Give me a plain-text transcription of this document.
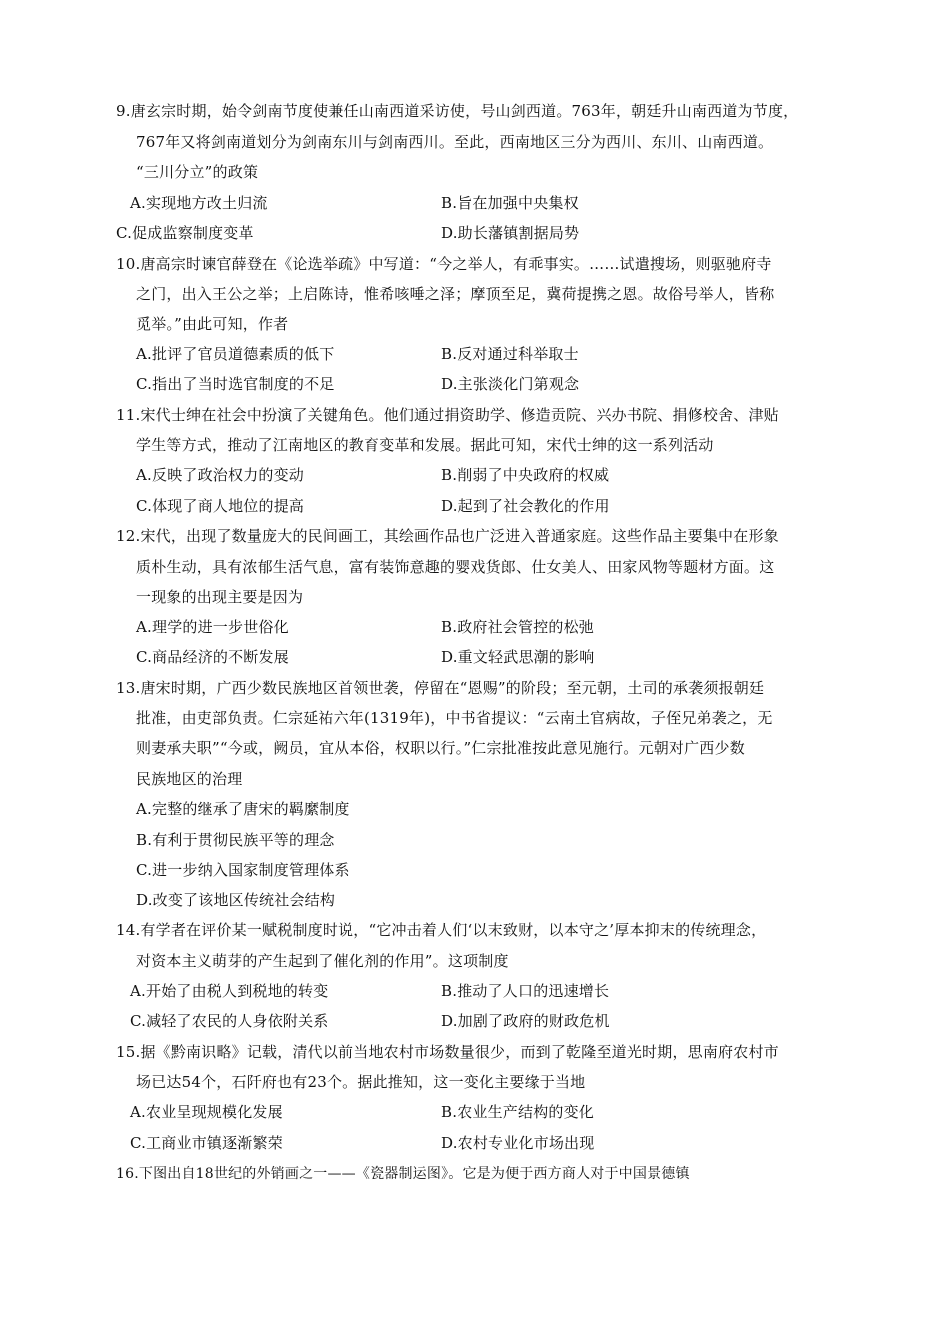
9.唐玄宗时期，始令剑南节度使兼任山南西道采访使，号山剑西道。763年，朝廷升山南西道为节度，
767年又将剑南道划分为剑南东川与剑南西川。至此，西南地区三分为西川、东川、山南西道。
“三川分立”的政策
A.实现地方改土归流	B.旨在加强中央集权
C.促成监察制度变革	D.助长藩镇割据局势
10.唐高宗时谏官薛登在《论选举疏》中写道：“今之举人，有乖事实。……试遣搜场，则驱驰府寺
之门，出入王公之举；上启陈诗，惟希咳唾之泽；摩顶至足，冀荷提携之恩。故俗号举人，皆称
觅举。”由此可知，作者
A.批评了官员道德素质的低下	B.反对通过科举取士
C.指出了当时选官制度的不足	D.主张淡化门第观念
11.宋代士绅在社会中扮演了关键角色。他们通过捐资助学、修造贡院、兴办书院、捐修校舍、津贴
学生等方式，推动了江南地区的教育变革和发展。据此可知，宋代士绅的这一系列活动
A.反映了政治权力的变动	B.削弱了中央政府的权威
C.体现了商人地位的提高	D.起到了社会教化的作用
12.宋代，出现了数量庞大的民间画工，其绘画作品也广泛进入普通家庭。这些作品主要集中在形象
质朴生动，具有浓郁生活气息，富有装饰意趣的婴戏货郎、仕女美人、田家风物等题材方面。这
一现象的出现主要是因为
A.理学的进一步世俗化	B.政府社会管控的松弛
C.商品经济的不断发展	D.重文轻武思潮的影响
13.唐宋时期，广西少数民族地区首领世袭，停留在“恩赐”的阶段；至元朝，土司的承袭须报朝廷
批准，由吏部负责。仁宗延祐六年(1319年)，中书省提议：“云南土官病故，子侄兄弟袭之，无
则妻承夫职”“今或，阙员，宜从本俗，权职以行。”仁宗批准按此意见施行。元朝对广西少数
民族地区的治理
A.完整的继承了唐宋的羁縻制度
B.有利于贯彻民族平等的理念
C.进一步纳入国家制度管理体系
D.改变了该地区传统社会结构
14.有学者在评价某一赋税制度时说，“它冲击着人们‘以末致财，以本守之’厚本抑末的传统理念，
对资本主义萌芽的产生起到了催化剂的作用”。这项制度
A.开始了由税人到税地的转变	B.推动了人口的迅速增长
C.减轻了农民的人身依附关系	D.加剧了政府的财政危机
15.据《黔南识略》记载，清代以前当地农村市场数量很少，而到了乾隆至道光时期，思南府农村市
场已达54个，石阡府也有23个。据此推知，这一变化主要缘于当地
A.农业呈现规模化发展	B.农业生产结构的变化
C.工商业市镇逐渐繁荣	D.农村专业化市场出现
16.下图出自18世纪的外销画之一——《瓷器制运图》。它是为便于西方商人对于中国景德镇
